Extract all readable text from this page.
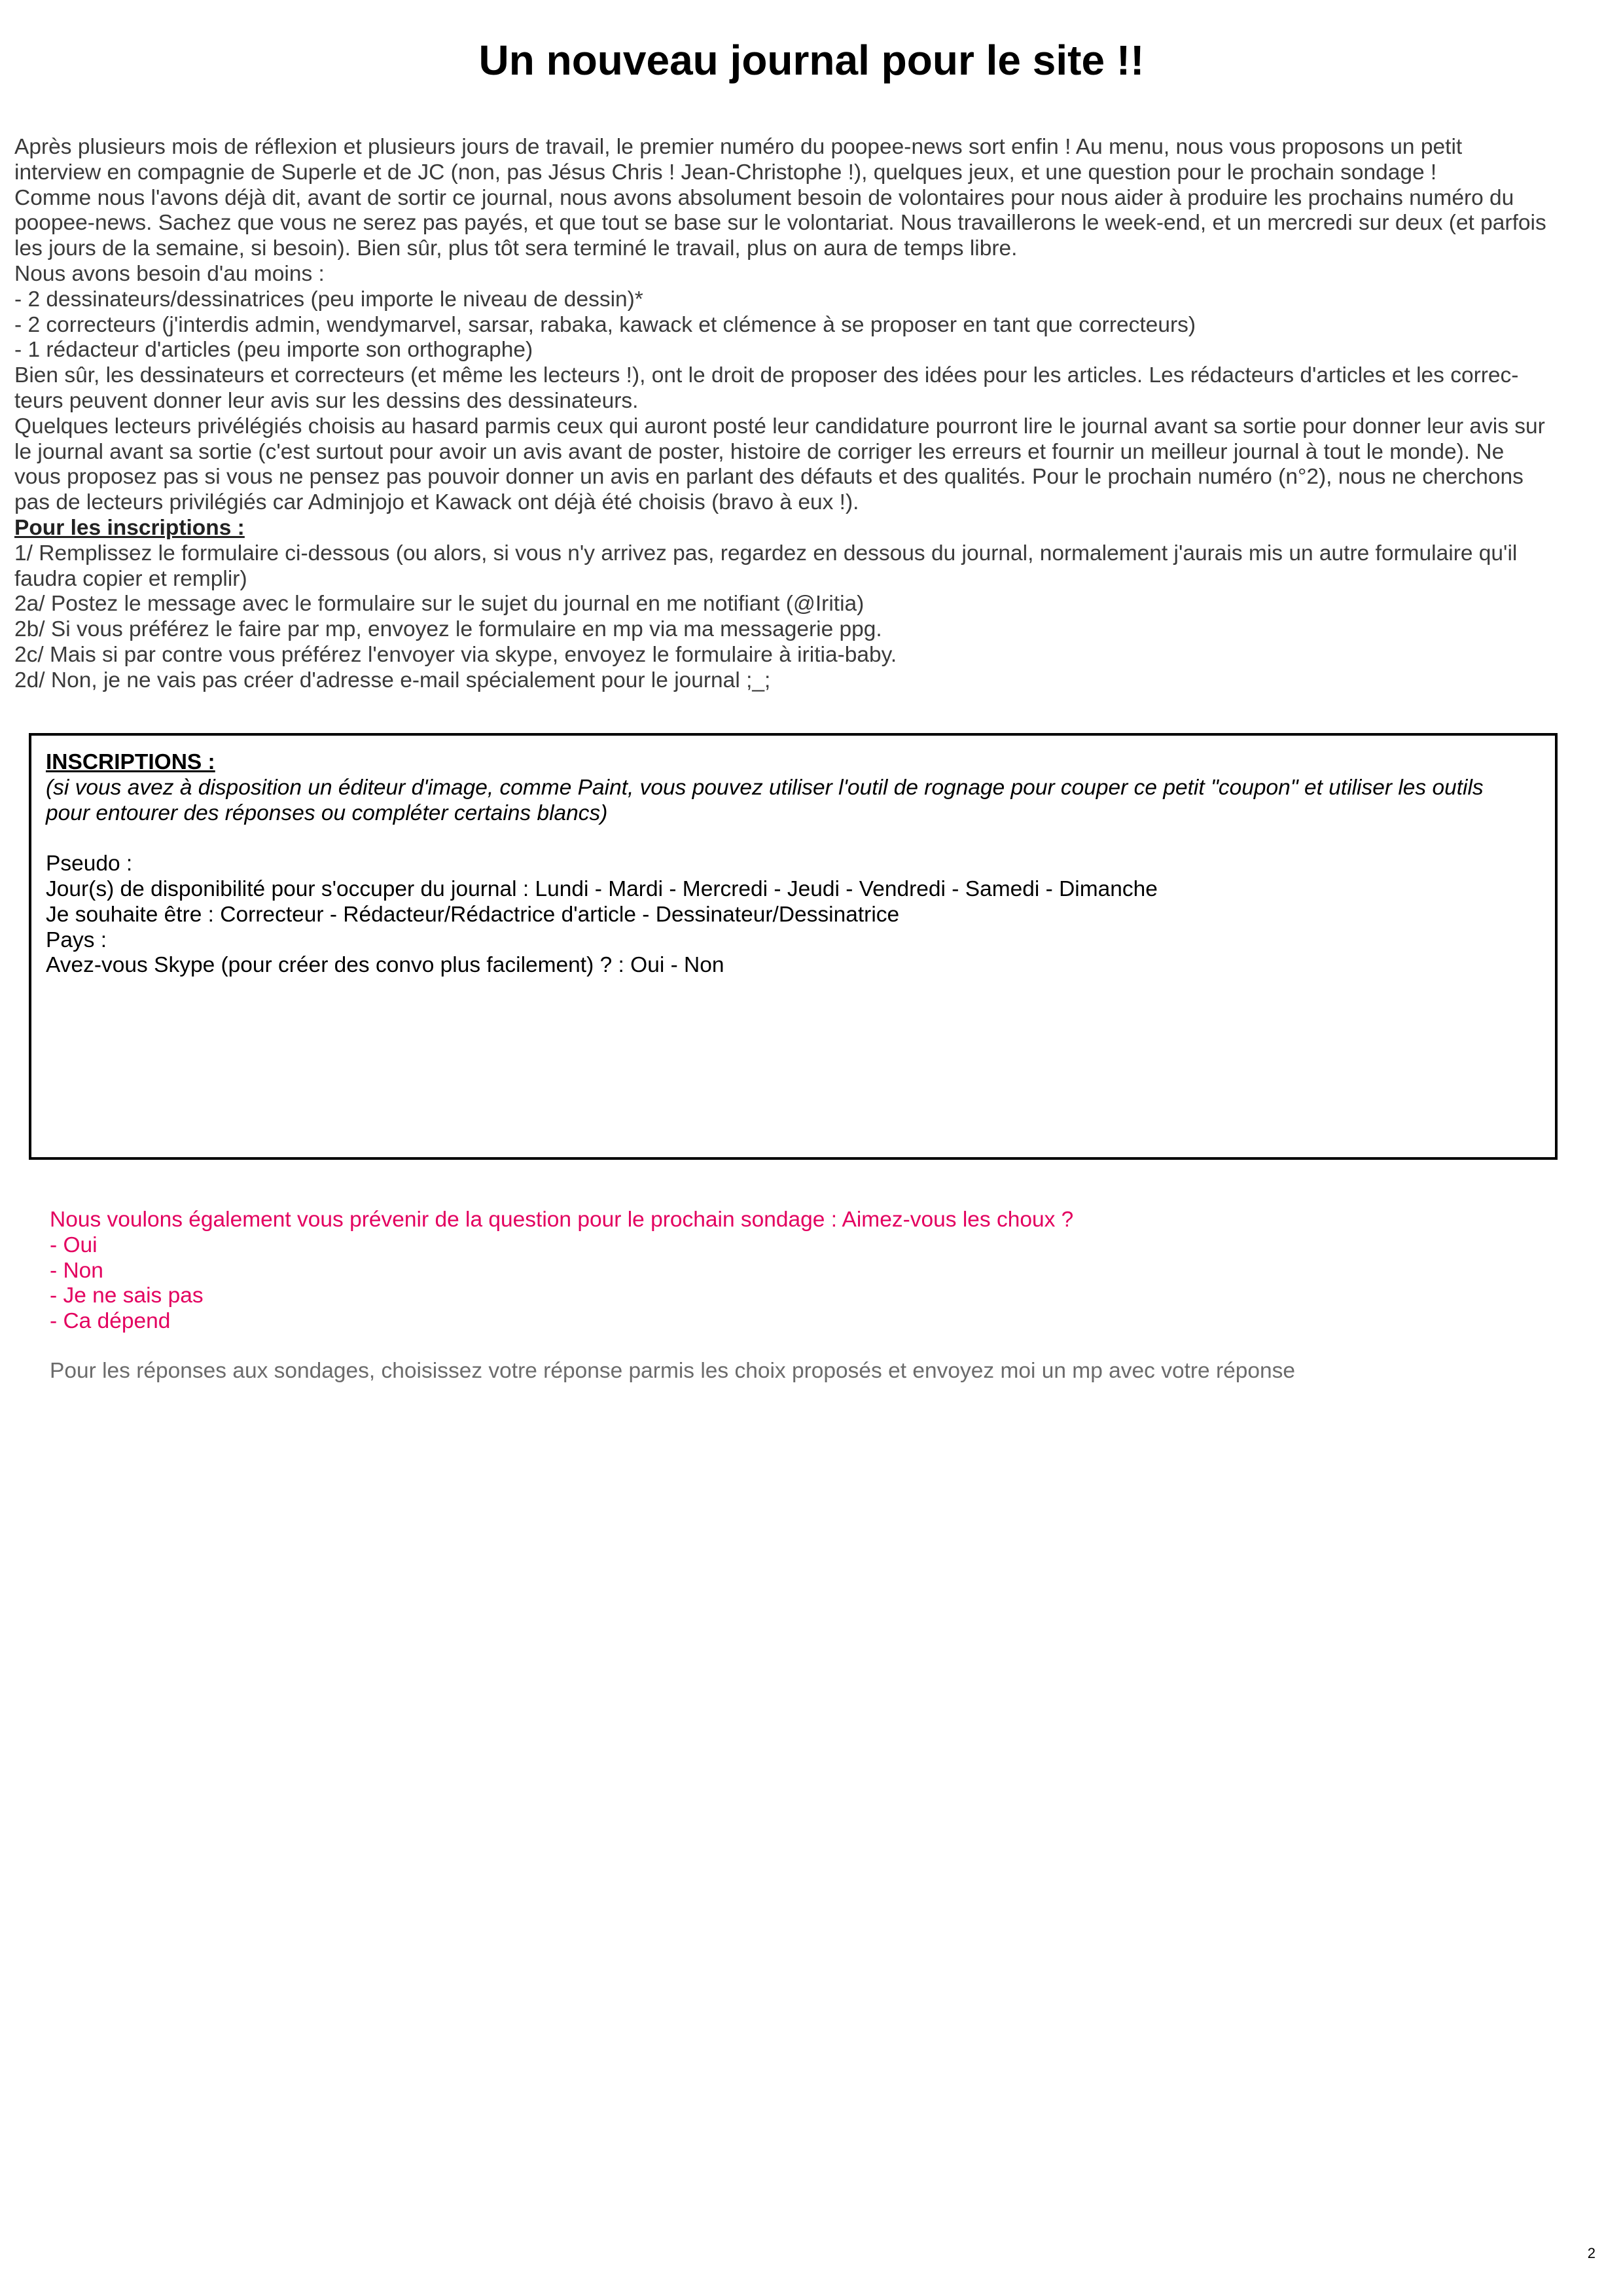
Un nouveau journal pour le site !!

Après plusieurs mois de réflexion et plusieurs jours de travail, le premier numéro du poopee-news sort enfin ! Au menu, nous vous proposons un petit

interview en compagnie de Superle et de JC (non, pas Jésus Chris ! Jean-Christophe !), quelques jeux, et une question pour le prochain sondage !

Comme nous l'avons déjà dit, avant de sortir ce journal, nous avons absolument besoin de volontaires pour nous aider à produire les prochains numéro du

poopee-news. Sachez que vous ne serez pas payés, et que tout se base sur le volontariat. Nous travaillerons le week-end, et un mercredi sur deux (et parfois

les jours de la semaine, si besoin). Bien sûr, plus tôt sera terminé le travail, plus on aura de temps libre.

Nous avons besoin d'au moins :

- 2 dessinateurs/dessinatrices (peu importe le niveau de dessin)*

- 2 correcteurs (j'interdis admin, wendymarvel, sarsar, rabaka, kawack et clémence à se proposer en tant que correcteurs)

- 1 rédacteur d'articles (peu importe son orthographe)

Bien sûr, les dessinateurs et correcteurs (et même les lecteurs !), ont le droit de proposer des idées pour les articles. Les rédacteurs d'articles et les correc-

teurs peuvent donner leur avis sur les dessins des dessinateurs.

Quelques lecteurs privélégiés choisis au hasard parmis ceux qui auront posté leur candidature pourront lire le journal avant sa sortie pour donner leur avis sur

le journal avant sa sortie (c'est surtout pour avoir un avis avant de poster, histoire de corriger les erreurs et fournir un meilleur journal à tout le monde). Ne

vous proposez pas si vous ne pensez pas pouvoir donner un avis en parlant des défauts et des qualités. Pour le prochain numéro (n°2), nous ne cherchons

pas de lecteurs privilégiés car Adminjojo et Kawack ont déjà été choisis (bravo à eux !).

Pour les inscriptions :

1/ Remplissez le formulaire ci-dessous (ou alors, si vous n'y arrivez pas, regardez en dessous du journal, normalement j'aurais mis un autre formulaire qu'il

faudra copier et remplir)

2a/ Postez le message avec le formulaire sur le sujet du journal en me notifiant (@Iritia)

2b/ Si vous préférez le faire par mp, envoyez le formulaire en mp via ma messagerie ppg.

2c/ Mais si par contre vous préférez l'envoyer via skype, envoyez le formulaire à iritia-baby.

2d/ Non, je ne vais pas créer d'adresse e-mail spécialement pour le journal ;_;

INSCRIPTIONS :

(si vous avez à disposition un éditeur d'image, comme Paint, vous pouvez utiliser l'outil de rognage pour couper ce petit "coupon" et utiliser les outils

pour entourer des réponses ou compléter certains blancs)

Pseudo :

Jour(s) de disponibilité pour s'occuper du journal : Lundi - Mardi - Mercredi - Jeudi - Vendredi - Samedi - Dimanche

Je souhaite être : Correcteur - Rédacteur/Rédactrice d'article - Dessinateur/Dessinatrice

Pays :

Avez-vous Skype (pour créer des convo plus facilement) ? : Oui - Non

Nous voulons également vous prévenir de la question pour le prochain sondage : Aimez-vous les choux ?

- Oui

- Non

- Je ne sais pas

- Ca dépend

Pour les réponses aux sondages, choisissez votre réponse parmis les choix proposés et envoyez moi un mp avec votre réponse

2
